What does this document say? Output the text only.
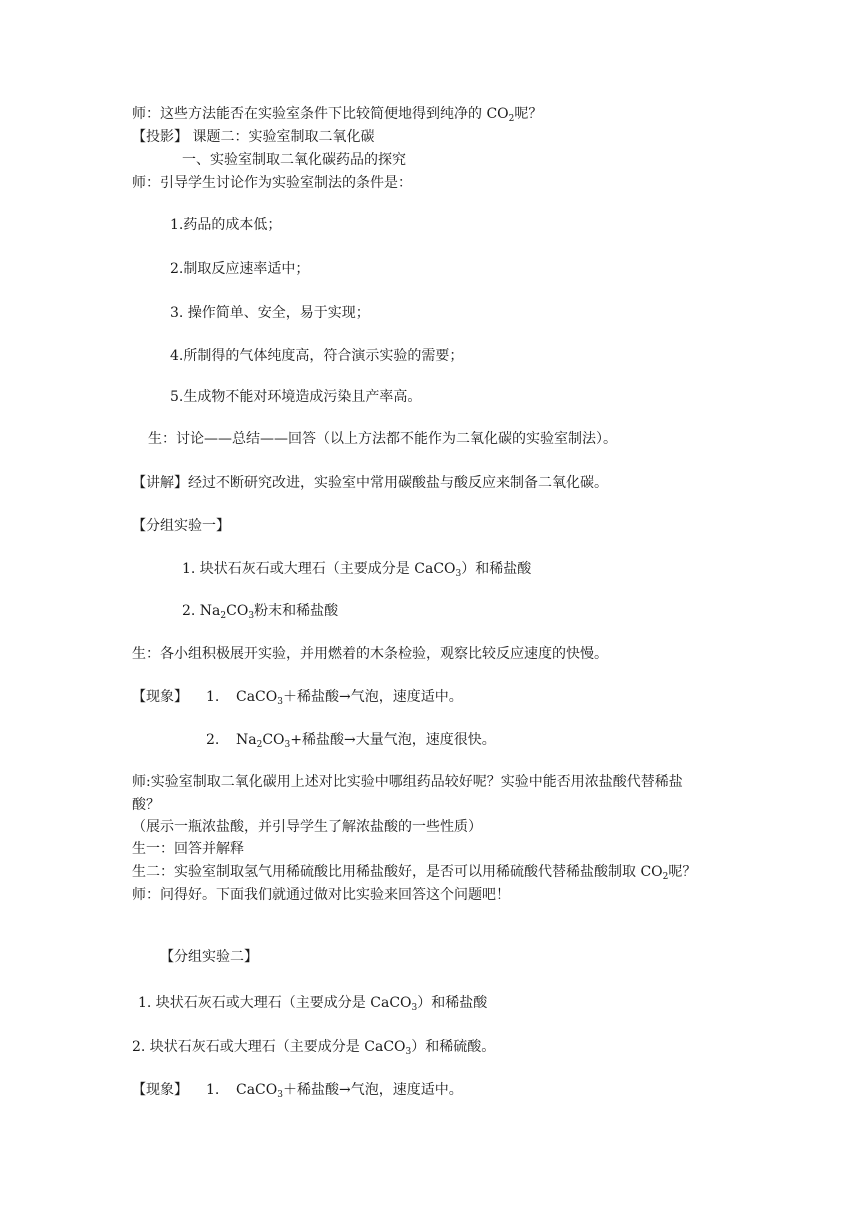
师：这些方法能否在实验室条件下比较简便地得到纯净的 $CO_2$呢？
【投影】 课题二：实验室制取二氧化碳
一、实验室制取二氧化碳药品的探究
师：引导学生讨论作为实验室制法的条件是：
1.药品的成本低；
2.制取反应速率适中；
3. 操作简单、安全，易于实现；
4.所制得的气体纯度高，符合演示实验的需要；
5.生成物不能对环境造成污染且产率高。
生：讨论——总结——回答（以上方法都不能作为二氧化碳的实验室制法）。
【讲解】经过不断研究改进，实验室中常用碳酸盐与酸反应来制备二氧化碳。
【分组实验一】
1. 块状石灰石或大理石（主要成分是 CaCO$_3$）和稀盐酸
2. $Na_2CO_3$粉末和稀盐酸
生：各小组积极展开实验，并用燃着的木条检验，观察比较反应速度的快慢。
【现象】 1. CaCO$_3$＋稀盐酸→气泡，速度适中。
2. $Na_2CO_3+$稀盐酸→大量气泡，速度很快。
师:实验室制取二氧化碳用上述对比实验中哪组药品较好呢？实验中能否用浓盐酸代替稀盐
酸？
（展示一瓶浓盐酸，并引导学生了解浓盐酸的一些性质）
生一：回答并解释
生二：实验室制取氢气用稀硫酸比用稀盐酸好，是否可以用稀硫酸代替稀盐酸制取 $CO_2$呢？
师：问得好。下面我们就通过做对比实验来回答这个问题吧！
【分组实验二】
1. 块状石灰石或大理石（主要成分是 CaCO$_3$）和稀盐酸
2. 块状石灰石或大理石（主要成分是 CaCO$_3$）和稀硫酸。
【现象】 1. CaCO$_3$＋稀盐酸→气泡，速度适中。
